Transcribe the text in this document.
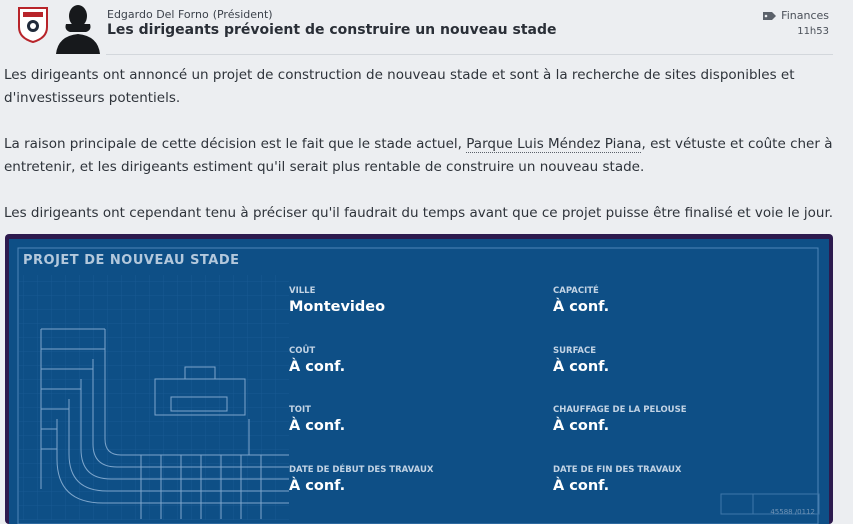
Edgardo Del Forno (Président)
Les dirigeants prévoient de construire un nouveau stade
Finances
11h53

Les dirigeants ont annoncé un projet de construction de nouveau stade et sont à la recherche de sites disponibles et d'investisseurs potentiels.

La raison principale de cette décision est le fait que le stade actuel, Parque Luis Méndez Piana, est vétuste et coûte cher à entretenir, et les dirigeants estiment qu'il serait plus rentable de construire un nouveau stade.

Les dirigeants ont cependant tenu à préciser qu'il faudrait du temps avant que ce projet puisse être finalisé et voie le jour.

PROJET DE NOUVEAU STADE
VILLE
Montevideo
CAPACITÉ
À conf.
COÛT
À conf.
SURFACE
À conf.
TOIT
À conf.
CHAUFFAGE DE LA PELOUSE
À conf.
DATE DE DÉBUT DES TRAVAUX
À conf.
DATE DE FIN DES TRAVAUX
À conf.
45588 /0112
